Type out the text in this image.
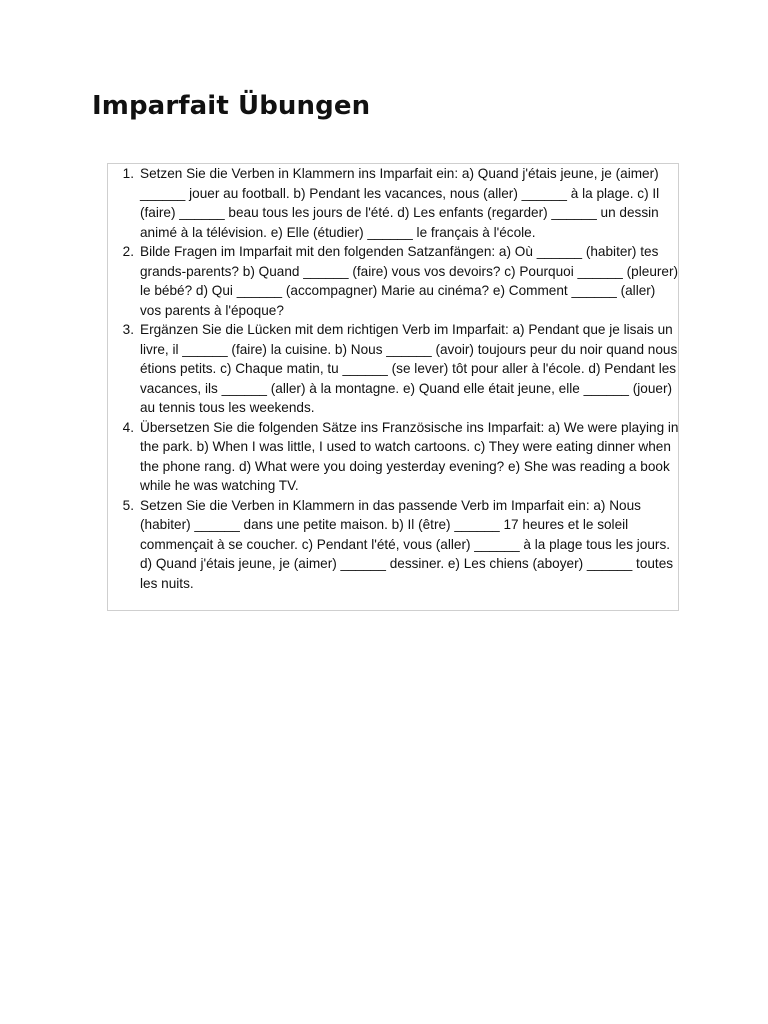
Imparfait Übungen
1. Setzen Sie die Verben in Klammern ins Imparfait ein: a) Quand j'étais jeune, je (aimer) ______ jouer au football. b) Pendant les vacances, nous (aller) ______ à la plage. c) Il (faire) ______ beau tous les jours de l'été. d) Les enfants (regarder) ______ un dessin animé à la télévision. e) Elle (étudier) ______ le français à l'école.
2. Bilde Fragen im Imparfait mit den folgenden Satzanfängen: a) Où ______ (habiter) tes grands-parents? b) Quand ______ (faire) vous vos devoirs? c) Pourquoi ______ (pleurer) le bébé? d) Qui ______ (accompagner) Marie au cinéma? e) Comment ______ (aller) vos parents à l'époque?
3. Ergänzen Sie die Lücken mit dem richtigen Verb im Imparfait: a) Pendant que je lisais un livre, il ______ (faire) la cuisine. b) Nous ______ (avoir) toujours peur du noir quand nous étions petits. c) Chaque matin, tu ______ (se lever) tôt pour aller à l'école. d) Pendant les vacances, ils ______ (aller) à la montagne. e) Quand elle était jeune, elle ______ (jouer) au tennis tous les weekends.
4. Übersetzen Sie die folgenden Sätze ins Französische ins Imparfait: a) We were playing in the park. b) When I was little, I used to watch cartoons. c) They were eating dinner when the phone rang. d) What were you doing yesterday evening? e) She was reading a book while he was watching TV.
5. Setzen Sie die Verben in Klammern in das passende Verb im Imparfait ein: a) Nous (habiter) ______ dans une petite maison. b) Il (être) ______ 17 heures et le soleil commençait à se coucher. c) Pendant l'été, vous (aller) ______ à la plage tous les jours. d) Quand j'étais jeune, je (aimer) ______ dessiner. e) Les chiens (aboyer) ______ toutes les nuits.
